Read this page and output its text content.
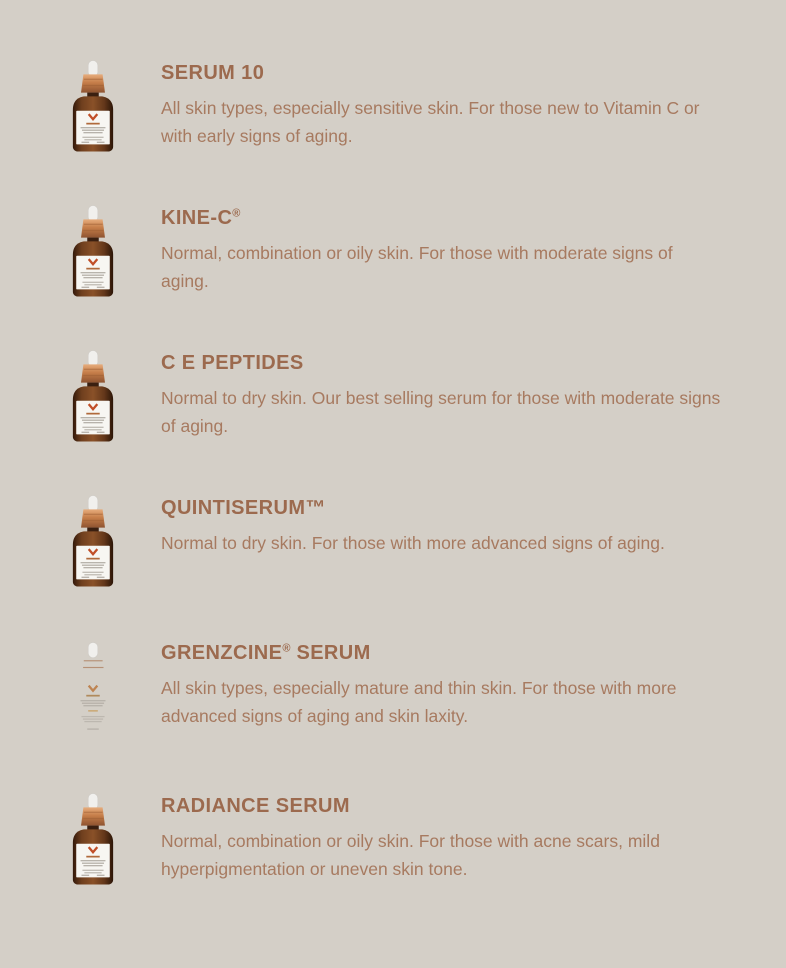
SERUM 10

All skin types, especially sensitive skin. For those new to Vitamin C or with early signs of aging.

KINE-C®

Normal, combination or oily skin. For those with moderate signs of aging.

C E PEPTIDES

Normal to dry skin. Our best selling serum for those with moderate signs of aging.

QUINTISERUM™

Normal to dry skin. For those with more advanced signs of aging.

GRENZCINE® SERUM

All skin types, especially mature and thin skin. For those with more advanced signs of aging and skin laxity.

RADIANCE SERUM

Normal, combination or oily skin. For those with acne scars, mild hyperpigmentation or uneven skin tone.
